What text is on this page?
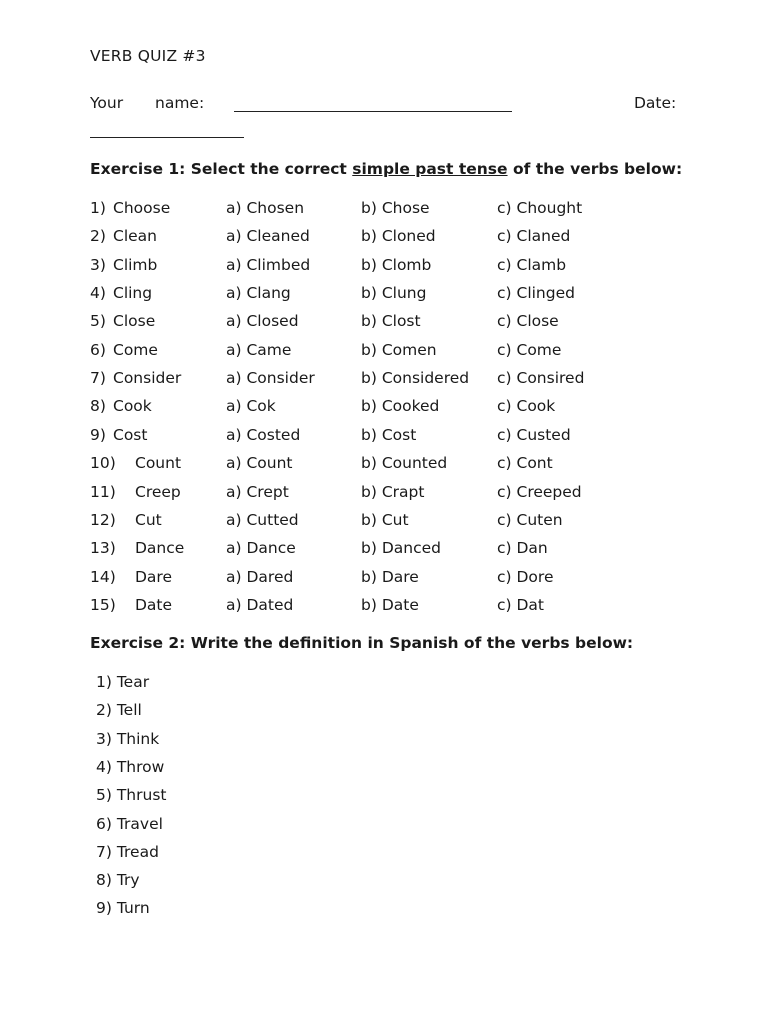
VERB QUIZ #3
Your name:	Date:
Exercise 1: Select the correct simple past tense of the verbs below:
1) Choose	a) Chosen	b) Chose	c) Chought
2) Clean	a) Cleaned	b) Cloned	c) Claned
3) Climb	a) Climbed	b) Clomb	c) Clamb
4) Cling	a) Clang	b) Clung	c) Clinged
5) Close	a) Closed	b) Clost	c) Close
6) Come	a) Came	b) Comen	c) Come
7) Consider	a) Consider	b) Considered c) Consired
8) Cook	a) Cok	b) Cooked	c) Cook
9) Cost	a) Costed	b) Cost	c) Custed
10) Count	a) Count	b) Counted	c) Cont
11) Creep	a) Crept	b) Crapt	c) Creeped
12) Cut	a) Cutted	b) Cut	c) Cuten
13) Dance	a) Dance	b) Danced	c) Dan
14) Dare	a) Dared	b) Dare	c) Dore
15) Date	a) Dated	b) Date	c) Dat
Exercise 2: Write the definition in Spanish of the verbs below:
1) Tear
2) Tell
3) Think
4) Throw
5) Thrust
6) Travel
7) Tread
8) Try
9) Turn
